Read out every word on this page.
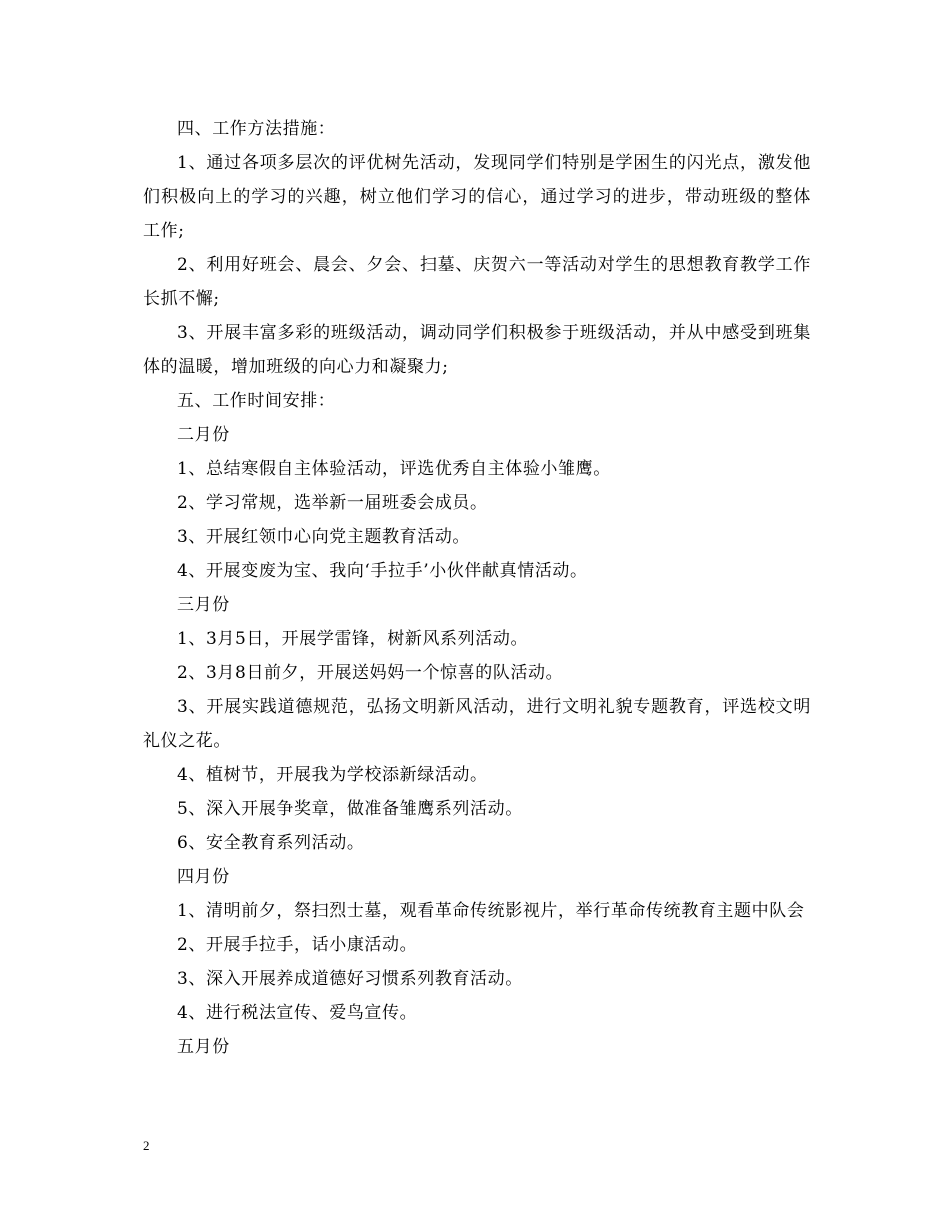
四、工作方法措施：

1、通过各项多层次的评优树先活动，发现同学们特别是学困生的闪光点，激发他们积极向上的学习的兴趣，树立他们学习的信心，通过学习的进步，带动班级的整体工作;

2、利用好班会、晨会、夕会、扫墓、庆贺六一等活动对学生的思想教育教学工作长抓不懈;

3、开展丰富多彩的班级活动，调动同学们积极参于班级活动，并从中感受到班集体的温暖，增加班级的向心力和凝聚力;

五、工作时间安排：

二月份

1、总结寒假自主体验活动，评选优秀自主体验小雏鹰。

2、学习常规，选举新一届班委会成员。

3、开展红领巾心向党主题教育活动。

4、开展变废为宝、我向‘手拉手’小伙伴献真情活动。

三月份

1、3月5日，开展学雷锋，树新风系列活动。

2、3月8日前夕，开展送妈妈一个惊喜的队活动。

3、开展实践道德规范，弘扬文明新风活动，进行文明礼貌专题教育，评选校文明礼仪之花。

4、植树节，开展我为学校添新绿活动。

5、深入开展争奖章，做准备雏鹰系列活动。

6、安全教育系列活动。

四月份

1、清明前夕，祭扫烈士墓，观看革命传统影视片，举行革命传统教育主题中队会

2、开展手拉手，话小康活动。

3、深入开展养成道德好习惯系列教育活动。

4、进行税法宣传、爱鸟宣传。

五月份

2
